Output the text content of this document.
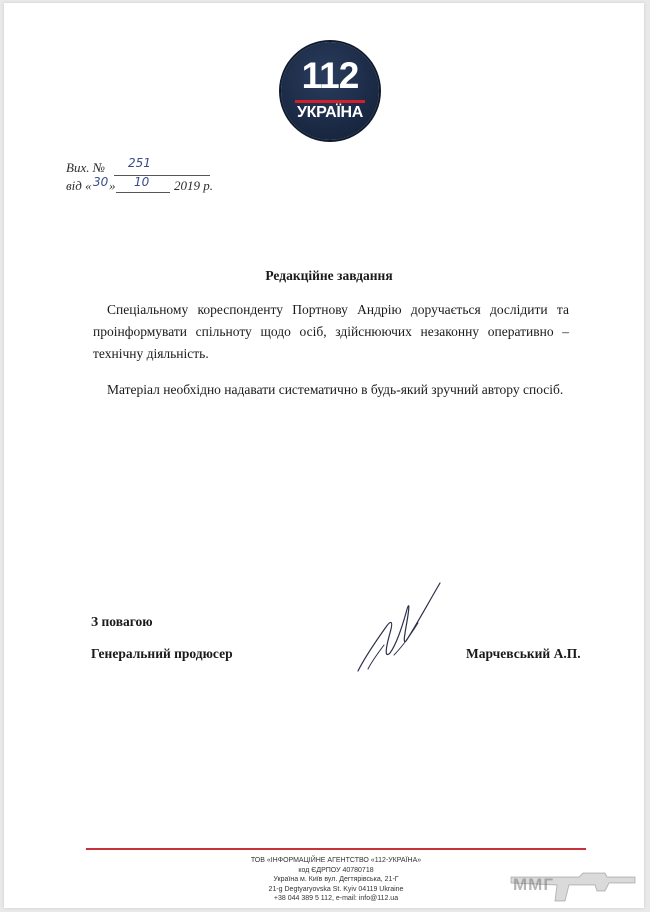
112
УКРАЇНА
Вих. № 251
від « 30 » 10 2019 р.
Редакційне завдання
Спеціальному кореспонденту Портнову Андрію доручається дослідити та проінформувати спільноту щодо осіб, здійснюючих незаконну оперативно – технічну діяльність.
Матеріал необхідно надавати систематично в будь-який зручний автору спосіб.
З повагою
Генеральний продюсер	Марчевський А.П.
ТОВ «ІНФОРМАЦІЙНЕ АГЕНТСТВО «112-УКРАЇНА»
код ЄДРПОУ 40780718
Україна м. Київ вул. Дегтярівська, 21-Г
21-g Degtyaryovska St. Kyiv 04119 Ukraine
+38 044 389 5 112, e-mail: info@112.ua
ММГ
